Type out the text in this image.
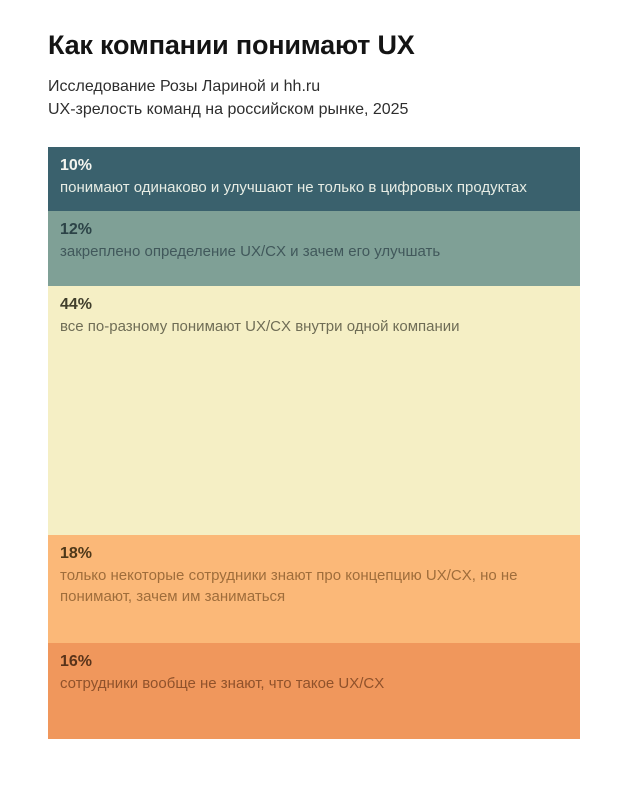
Как компании понимают UX

Исследование Розы Лариной и hh.ru
UX-зрелость команд на российском рынке, 2025

10%

понимают одинаково и улучшают не только в цифровых продуктах

12%

закреплено определение UX/CX и зачем его улучшать

44%

все по-разному понимают UX/CX внутри одной компании

18%

только некоторые сотрудники знают про концепцию UX/CX, но не понимают, зачем им заниматься

16%

сотрудники вообще не знают, что такое UX/CX
